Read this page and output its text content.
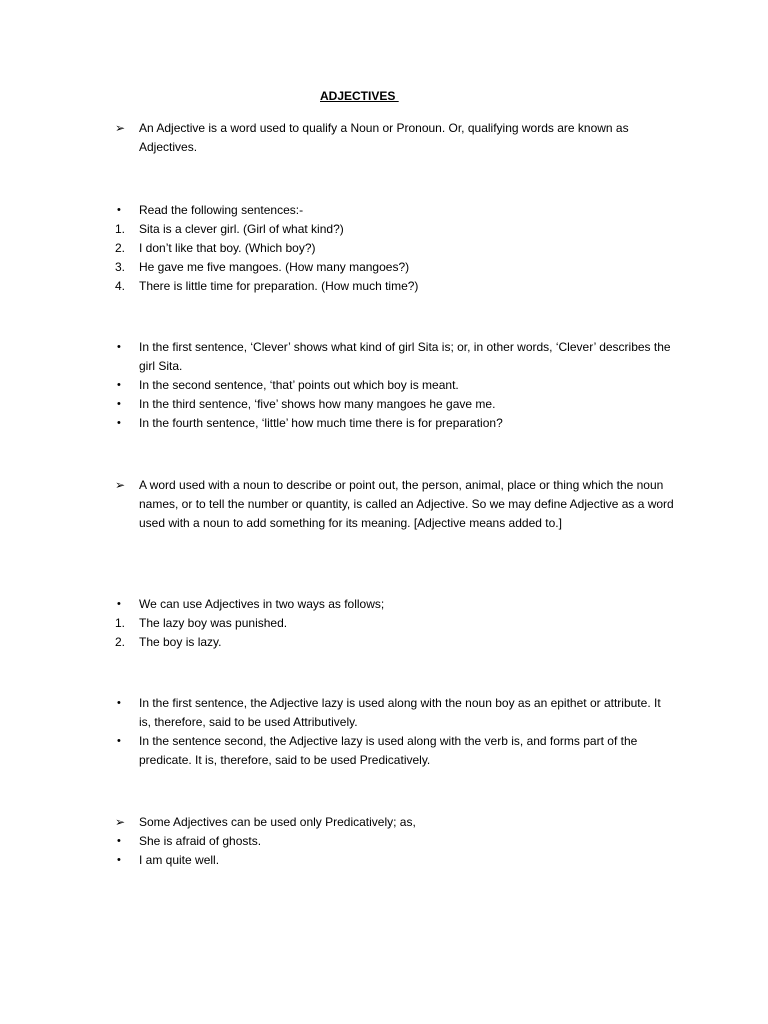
ADJECTIVES
➢	An Adjective is a word used to qualify a Noun or Pronoun. Or, qualifying words are known as Adjectives.
•	Read the following sentences:-
1.	Sita is a clever girl. (Girl of what kind?)
2.	I don’t like that boy. (Which boy?)
3.	He gave me five mangoes. (How many mangoes?)
4.	There is little time for preparation. (How much time?)
•	In the first sentence, ‘Clever’ shows what kind of girl Sita is; or, in other words, ‘Clever’ describes the girl Sita.
•	In the second sentence, ‘that’ points out which boy is meant.
•	In the third sentence, ‘five’ shows how many mangoes he gave me.
•	In the fourth sentence, ‘little’ how much time there is for preparation?
➢	A word used with a noun to describe or point out, the person, animal, place or thing which the noun names, or to tell the number or quantity, is called an Adjective. So we may define Adjective as a word used with a noun to add something for its meaning. [Adjective means added to.]
•	We can use Adjectives in two ways as follows;
1.	The lazy boy was punished.
2.	The boy is lazy.
•	In the first sentence, the Adjective lazy is used along with the noun boy as an epithet or attribute. It is, therefore, said to be used Attributively.
•	In the sentence second, the Adjective lazy is used along with the verb is, and forms part of the predicate. It is, therefore, said to be used Predicatively.
➢	Some Adjectives can be used only Predicatively; as,
•	She is afraid of ghosts.
•	I am quite well.
